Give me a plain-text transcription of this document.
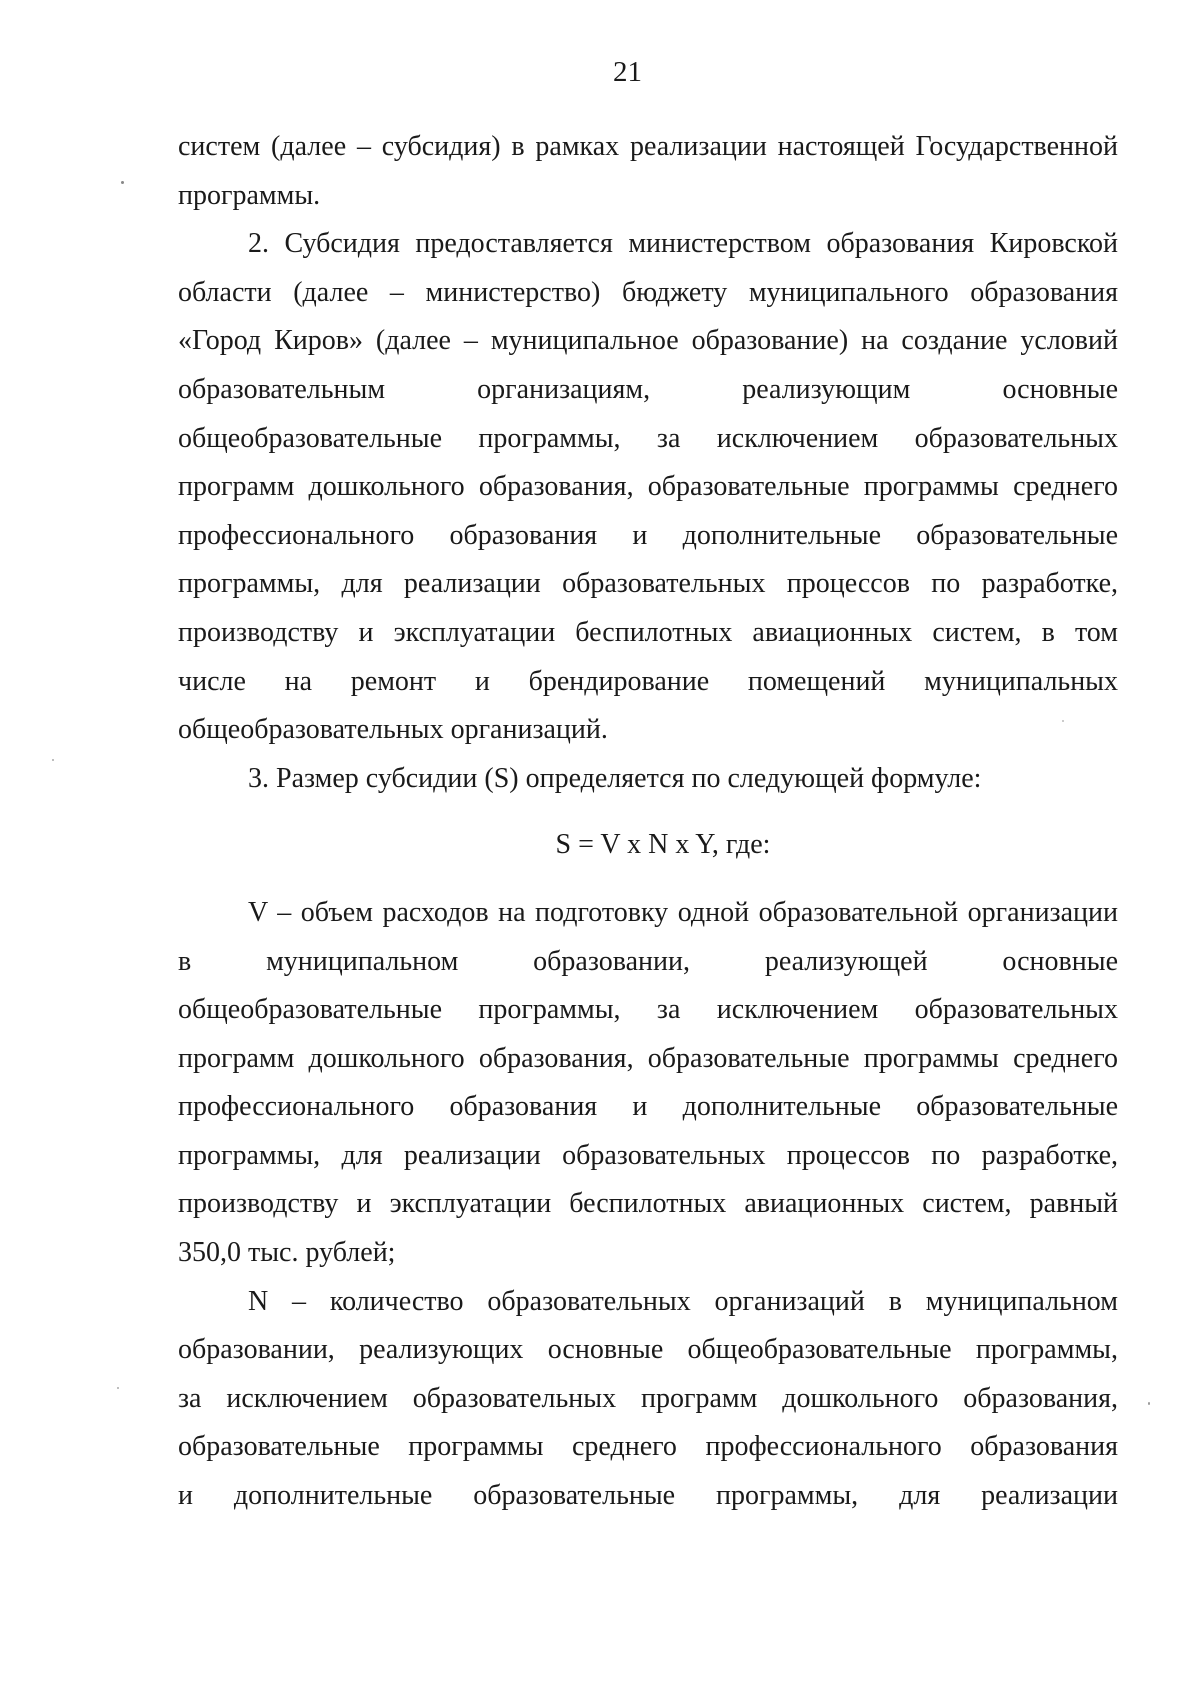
21
систем (далее – субсидия) в рамках реализации настоящей Государственной
программы.
2. Субсидия предоставляется министерством образования Кировской
области (далее – министерство) бюджету муниципального образования
«Город Киров» (далее – муниципальное образование) на создание условий
образовательным организациям, реализующим основные
общеобразовательные программы, за исключением образовательных
программ дошкольного образования, образовательные программы среднего
профессионального образования и дополнительные образовательные
программы, для реализации образовательных процессов по разработке,
производству и эксплуатации беспилотных авиационных систем, в том
числе на ремонт и брендирование помещений муниципальных
общеобразовательных организаций.
3. Размер субсидии (S) определяется по следующей формуле:
S = V x N x Y, где:
V – объем расходов на подготовку одной образовательной организации
в муниципальном образовании, реализующей основные
общеобразовательные программы, за исключением образовательных
программ дошкольного образования, образовательные программы среднего
профессионального образования и дополнительные образовательные
программы, для реализации образовательных процессов по разработке,
производству и эксплуатации беспилотных авиационных систем, равный
350,0 тыс. рублей;
N – количество образовательных организаций в муниципальном
образовании, реализующих основные общеобразовательные программы,
за исключением образовательных программ дошкольного образования,
образовательные программы среднего профессионального образования
и дополнительные образовательные программы, для реализации
